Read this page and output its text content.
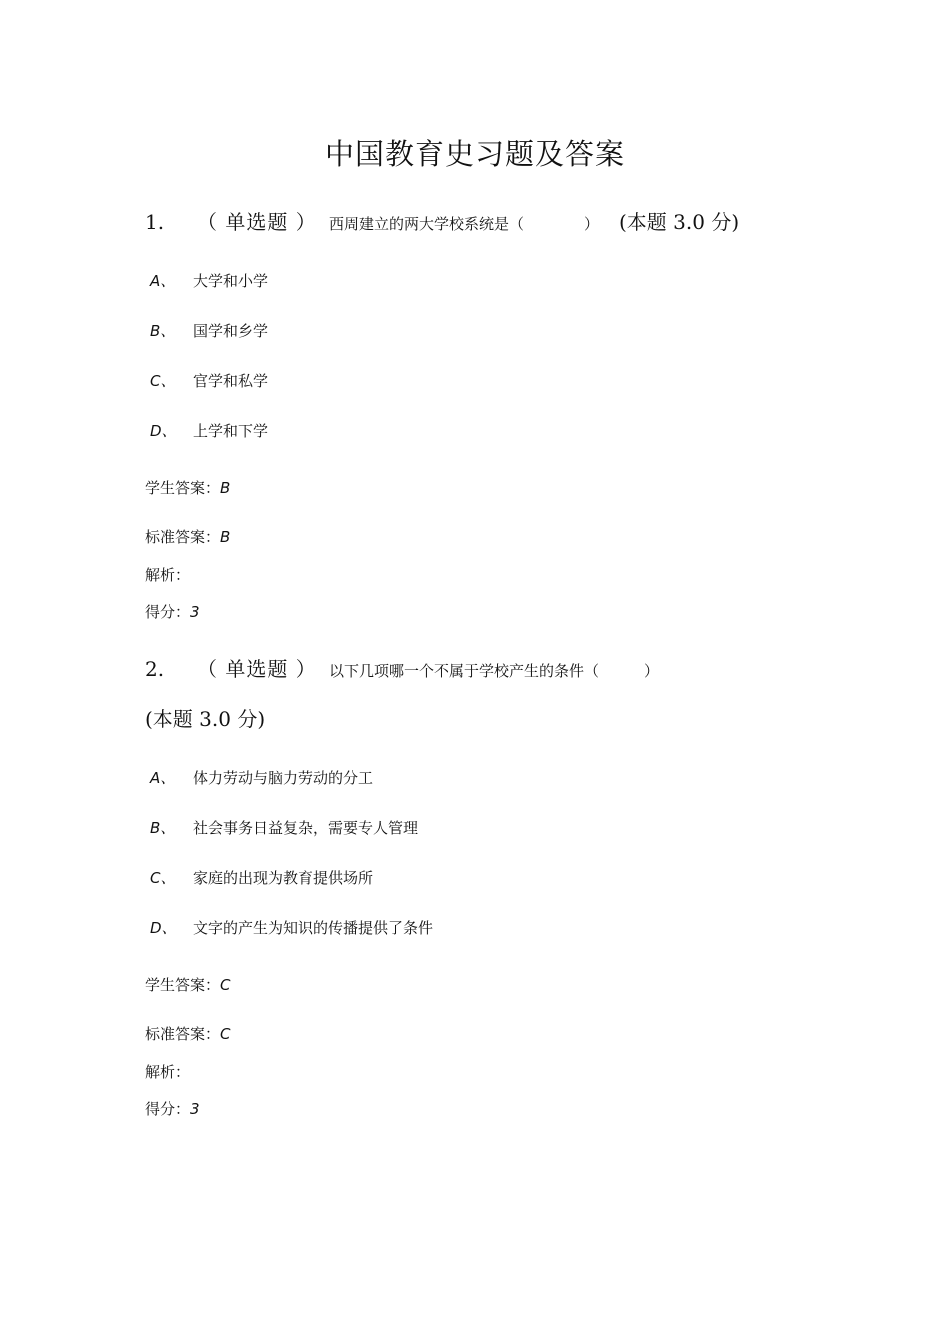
中国教育史习题及答案
1. （ 单选题 ） 西周建立的两大学校系统是（　　　　） (本题 3.0 分)
A、 大学和小学
B、 国学和乡学
C、 官学和私学
D、 上学和下学
学生答案：B
标准答案：B
解析：
得分：3
2. （ 单选题 ） 以下几项哪一个不属于学校产生的条件（　　　）
(本题 3.0 分)
A、 体力劳动与脑力劳动的分工
B、 社会事务日益复杂，需要专人管理
C、 家庭的出现为教育提供场所
D、 文字的产生为知识的传播提供了条件
学生答案：C
标准答案：C
解析：
得分：3
